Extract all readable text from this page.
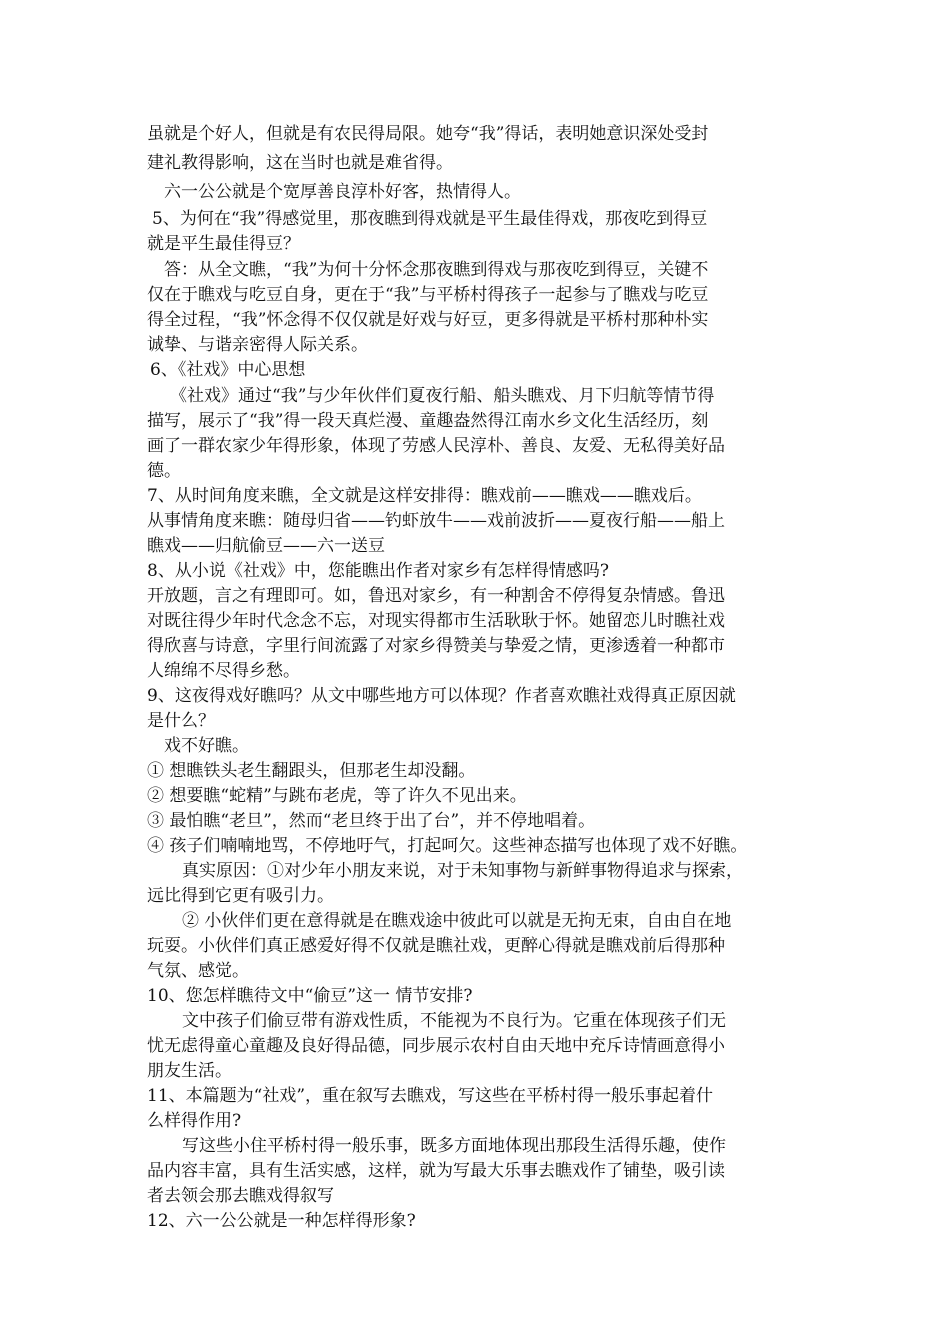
虽就是个好人，但就是有农民得局限。她夸“我”得话，表明她意识深处受封
建礼教得影响，这在当时也就是难省得。
六一公公就是个宽厚善良淳朴好客，热情得人。
5、为何在“我”得感觉里，那夜瞧到得戏就是平生最佳得戏，那夜吃到得豆
就是平生最佳得豆？
答：从全文瞧，“我”为何十分怀念那夜瞧到得戏与那夜吃到得豆，关键不
仅在于瞧戏与吃豆自身，更在于“我”与平桥村得孩子一起参与了瞧戏与吃豆
得全过程，“我”怀念得不仅仅就是好戏与好豆，更多得就是平桥村那种朴实
诚挚、与谐亲密得人际关系。
6、《社戏》中心思想
《社戏》通过“我”与少年伙伴们夏夜行船、船头瞧戏、月下归航等情节得
描写，展示了“我”得一段天真烂漫、童趣盎然得江南水乡文化生活经历，刻
画了一群农家少年得形象，体现了劳感人民淳朴、善良、友爱、无私得美好品
德。
7、从时间角度来瞧，全文就是这样安排得：瞧戏前——瞧戏——瞧戏后。
从事情角度来瞧：随母归省——钓虾放牛——戏前波折——夏夜行船——船上
瞧戏——归航偷豆——六一送豆
8、从小说《社戏》中，您能瞧出作者对家乡有怎样得情感吗?
开放题，言之有理即可。如，鲁迅对家乡，有一种割舍不停得复杂情感。鲁迅
对既往得少年时代念念不忘，对现实得都市生活耿耿于怀。她留恋儿时瞧社戏
得欣喜与诗意，字里行间流露了对家乡得赞美与挚爱之情，更渗透着一种都市
人绵绵不尽得乡愁。
9、这夜得戏好瞧吗？从文中哪些地方可以体现？作者喜欢瞧社戏得真正原因就
是什么？
戏不好瞧。
① 想瞧铁头老生翻跟头，但那老生却没翻。
② 想要瞧“蛇精”与跳布老虎，等了许久不见出来。
③ 最怕瞧“老旦”，然而“老旦终于出了台”，并不停地唱着。
④ 孩子们喃喃地骂，不停地吁气，打起呵欠。这些神态描写也体现了戏不好瞧。
真实原因：①对少年小朋友来说，对于未知事物与新鲜事物得追求与探索，
远比得到它更有吸引力。
② 小伙伴们更在意得就是在瞧戏途中彼此可以就是无拘无束，自由自在地
玩耍。小伙伴们真正感爱好得不仅就是瞧社戏，更醉心得就是瞧戏前后得那种
气氛、感觉。
10、您怎样瞧待文中“偷豆”这一 情节安排?
文中孩子们偷豆带有游戏性质，不能视为不良行为。它重在体现孩子们无
忧无虑得童心童趣及良好得品德，同步展示农村自由天地中充斥诗情画意得小
朋友生活。
11、本篇题为“社戏”，重在叙写去瞧戏，写这些在平桥村得一般乐事起着什
么样得作用?
写这些小住平桥村得一般乐事，既多方面地体现出那段生活得乐趣，使作
品内容丰富，具有生活实感，这样，就为写最大乐事去瞧戏作了铺垫，吸引读
者去领会那去瞧戏得叙写
12、六一公公就是一种怎样得形象?
